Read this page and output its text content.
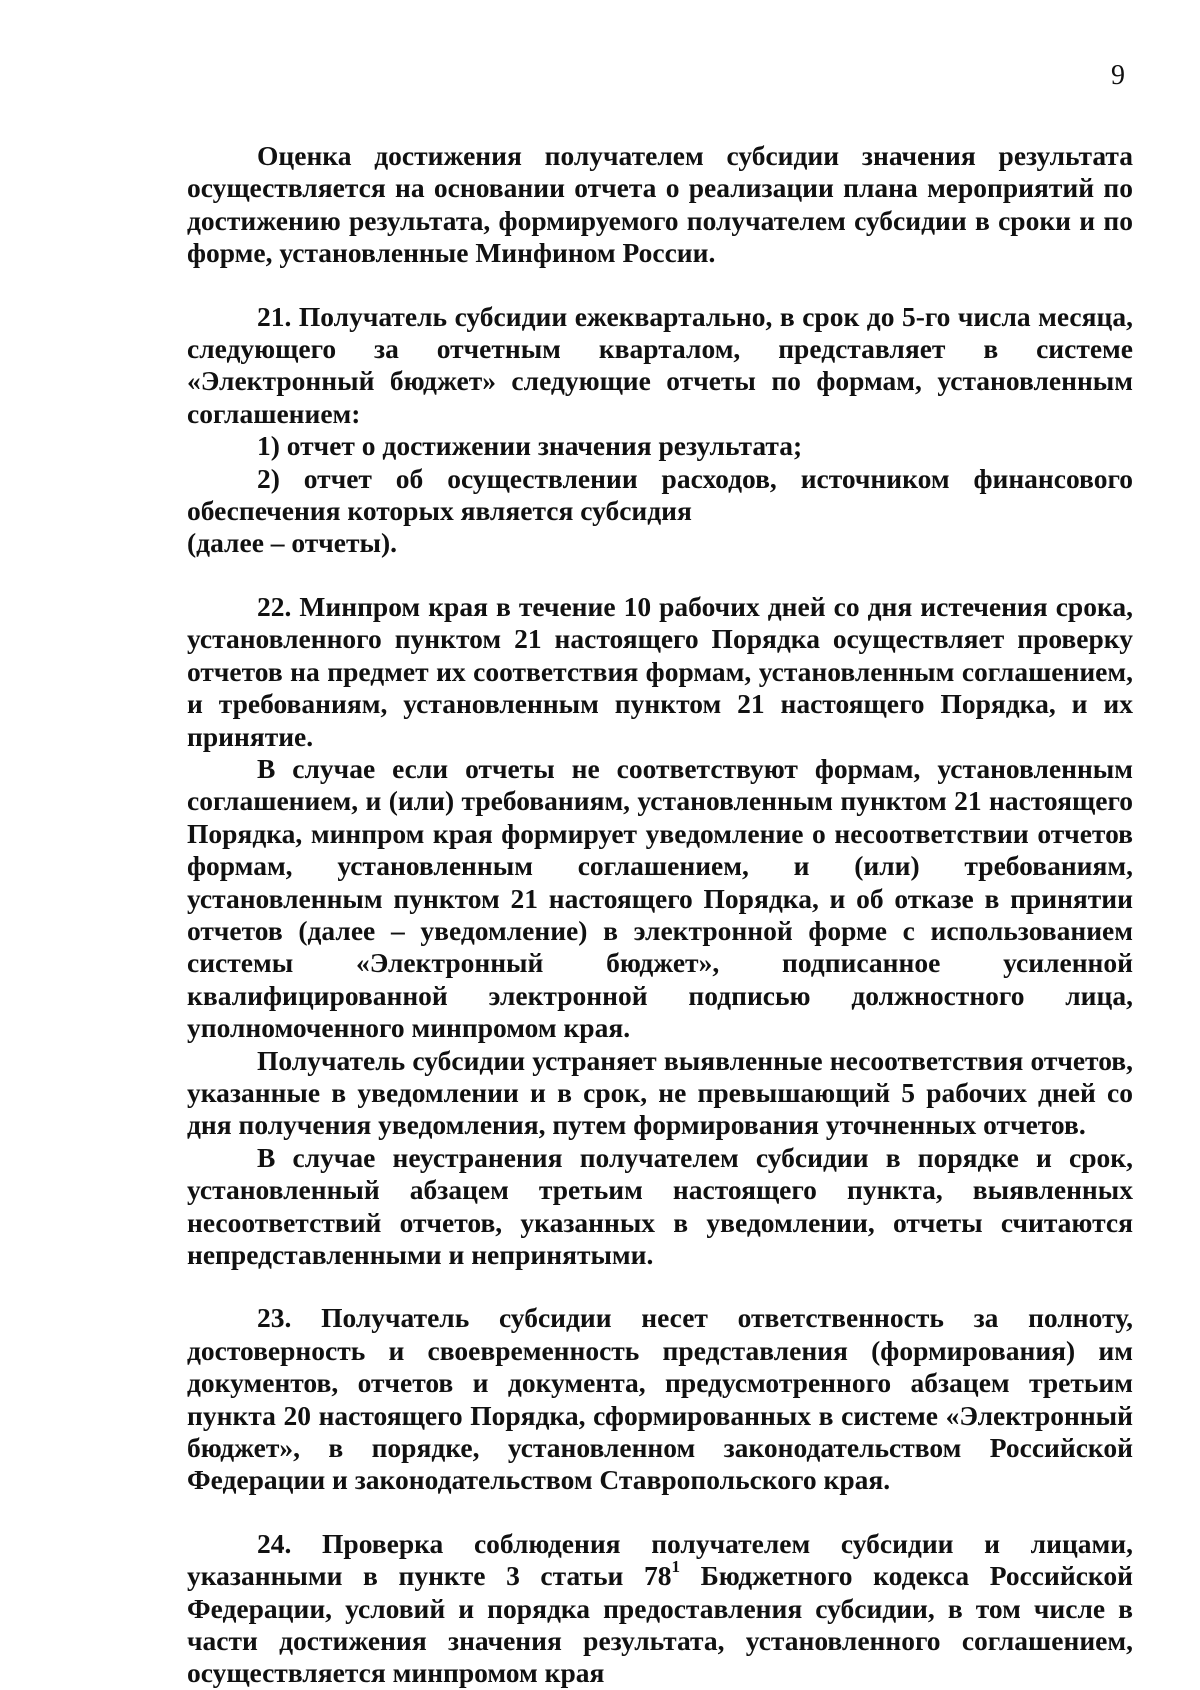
9

Оценка достижения получателем субсидии значения результата осуществляется на основании отчета о реализации плана мероприятий по достижению результата, формируемого получателем субсидии в сроки и по форме, установленные Минфином России.

21. Получатель субсидии ежеквартально, в срок до 5-го числа месяца, следующего за отчетным кварталом, представляет в системе «Электронный бюджет» следующие отчеты по формам, установленным соглашением:

1) отчет о достижении значения результата;

2) отчет об осуществлении расходов, источником финансового обеспечения которых является субсидия

(далее – отчеты).

22. Минпром края в течение 10 рабочих дней со дня истечения срока, установленного пунктом 21 настоящего Порядка осуществляет проверку отчетов на предмет их соответствия формам, установленным соглашением, и требованиям, установленным пунктом 21 настоящего Порядка, и их принятие.

В случае если отчеты не соответствуют формам, установленным соглашением, и (или) требованиям, установленным пунктом 21 настоящего Порядка, минпром края формирует уведомление о несоответствии отчетов формам, установленным соглашением, и (или) требованиям, установленным пунктом 21 настоящего Порядка, и об отказе в принятии отчетов (далее – уведомление) в электронной форме с использованием системы «Электронный бюджет», подписанное усиленной квалифицированной электронной подписью должностного лица, уполномоченного минпромом края.

Получатель субсидии устраняет выявленные несоответствия отчетов, указанные в уведомлении и в срок, не превышающий 5 рабочих дней со дня получения уведомления, путем формирования уточненных отчетов.

В случае неустранения получателем субсидии в порядке и срок, установленный абзацем третьим настоящего пункта, выявленных несоответствий отчетов, указанных в уведомлении, отчеты считаются непредставленными и непринятыми.

23. Получатель субсидии несет ответственность за полноту, достоверность и своевременность представления (формирования) им документов, отчетов и документа, предусмотренного абзацем третьим пункта 20 настоящего Порядка, сформированных в системе «Электронный бюджет», в порядке, установленном законодательством Российской Федерации и законодательством Ставропольского края.

24. Проверка соблюдения получателем субсидии и лицами, указанными в пункте 3 статьи $78^1$ Бюджетного кодекса Российской Федерации, условий и порядка предоставления субсидии, в том числе в части достижения значения результата, установленного соглашением, осуществляется минпромом края
